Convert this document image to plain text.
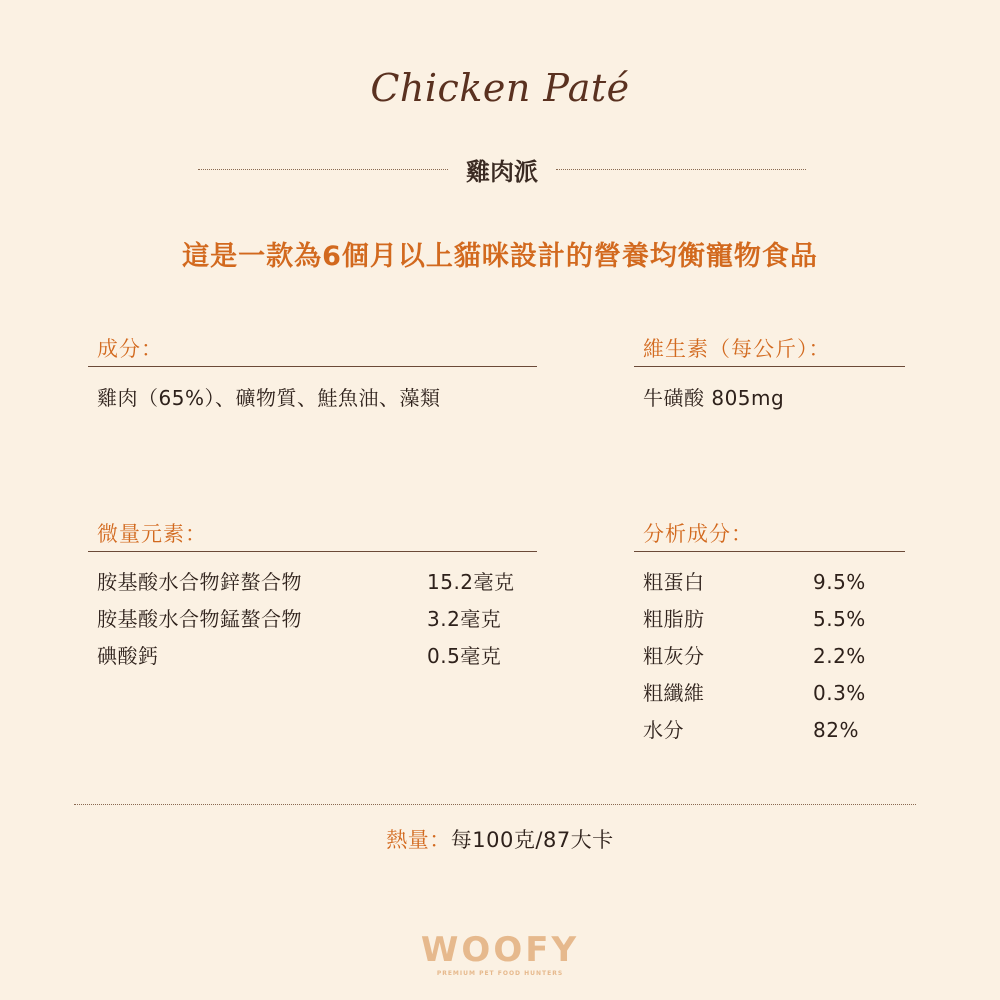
Chicken Paté
雞肉派
這是一款為6個月以上貓咪設計的營養均衡寵物食品
成分：
雞肉（65%）、礦物質、鮭魚油、藻類
維生素（每公斤）：
牛磺酸 805mg
微量元素：
胺基酸水合物鋅螯合物	15.2毫克
胺基酸水合物錳螯合物	3.2毫克
碘酸鈣	0.5毫克
分析成分：
粗蛋白	9.5%
粗脂肪	5.5%
粗灰分	2.2%
粗纖維	0.3%
水分	82%
熱量：每100克/87大卡
WOOFY
PREMIUM PET FOOD HUNTERS
